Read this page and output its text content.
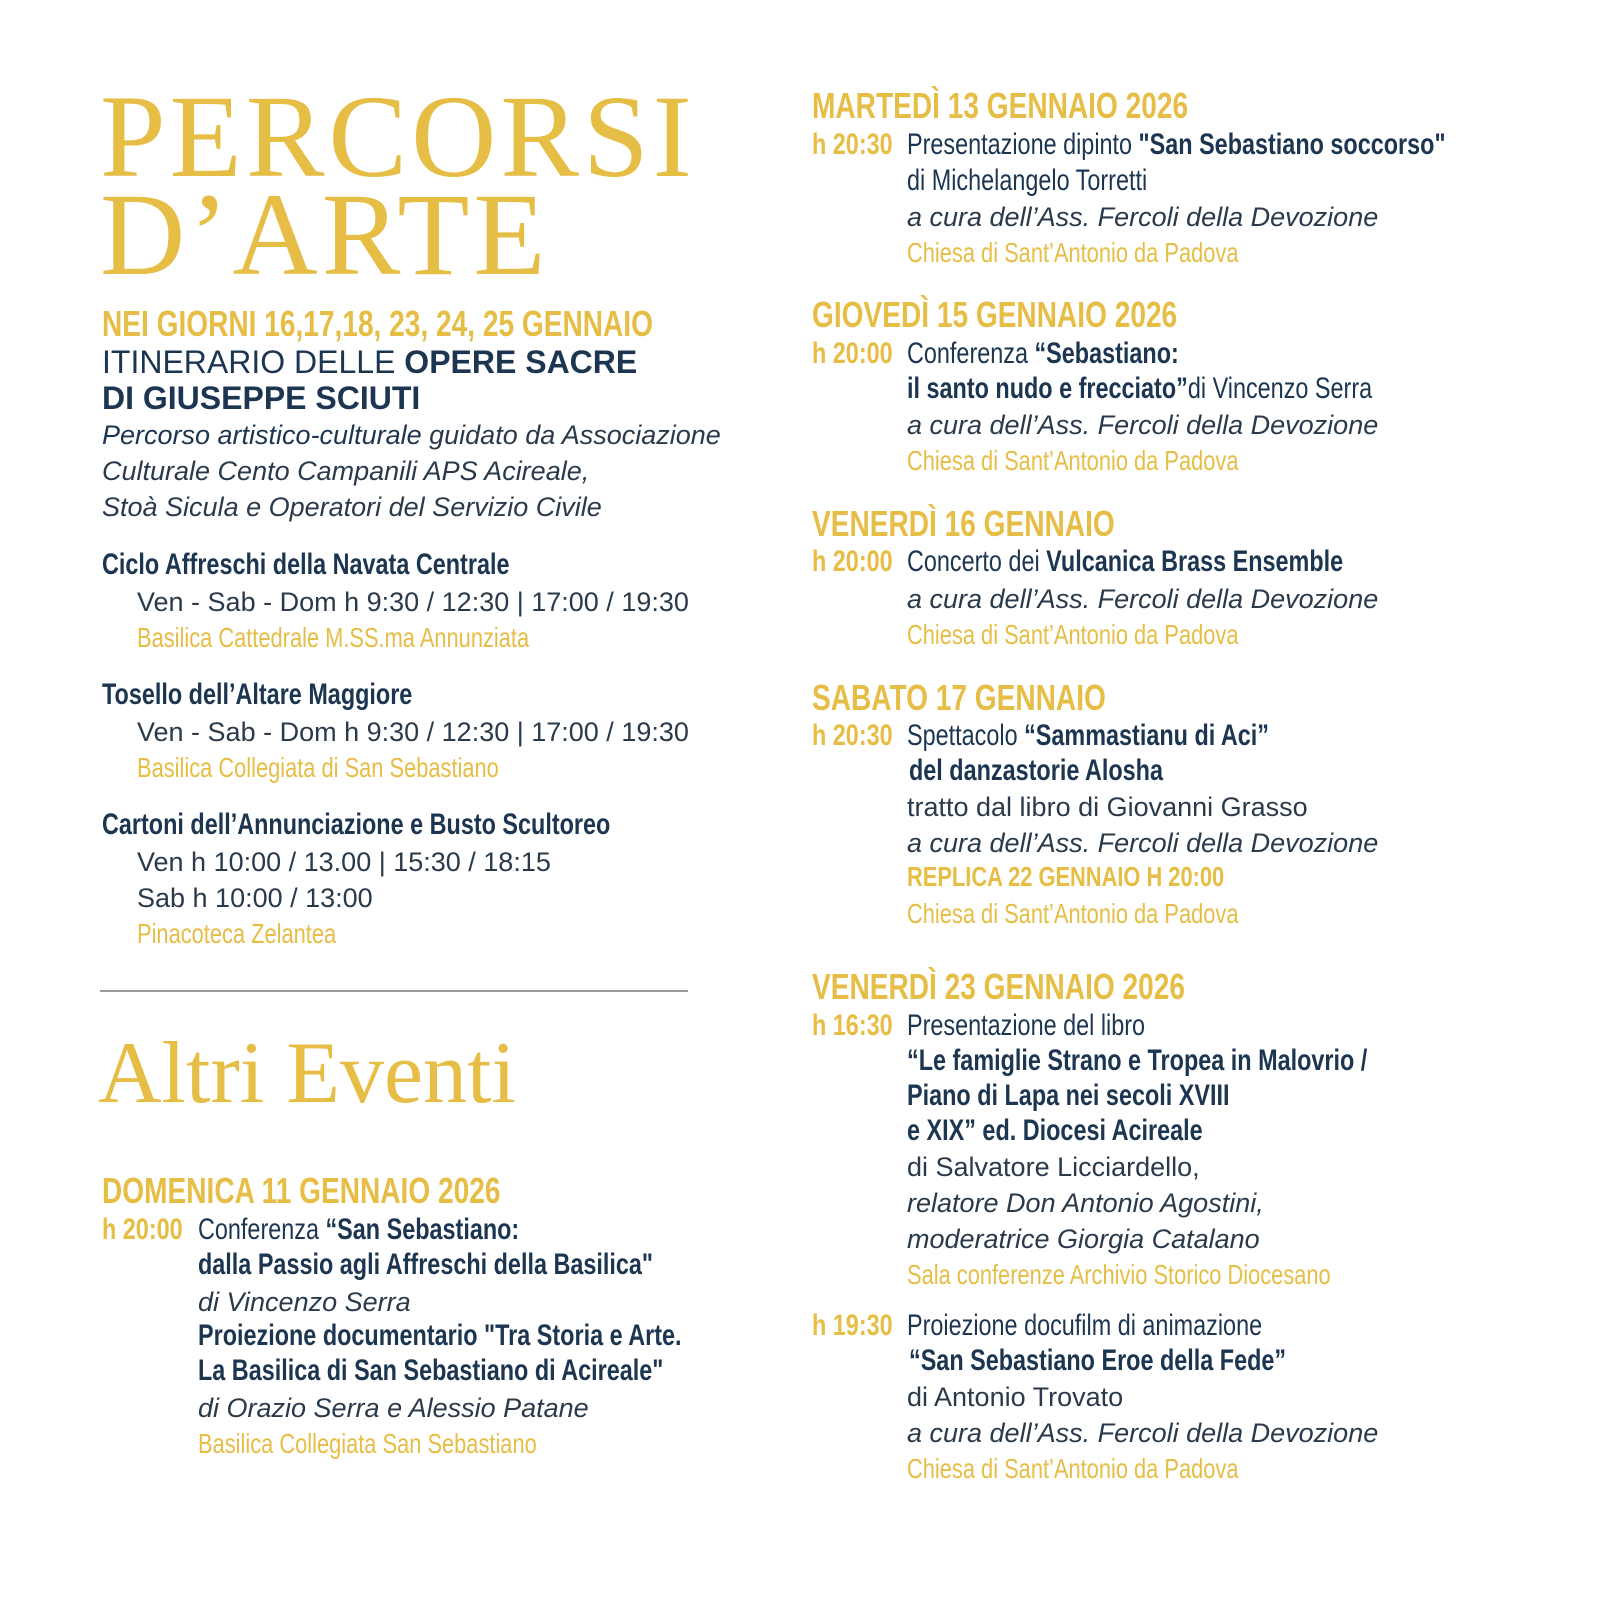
PERCORSI
D’ARTE
NEI GIORNI 16,17,18, 23, 24, 25 GENNAIO
ITINERARIO DELLE OPERE SACRE
DI GIUSEPPE SCIUTI
Percorso artistico-culturale guidato da Associazione
Culturale Cento Campanili APS Acireale,
Stoà Sicula e Operatori del Servizio Civile
Ciclo Affreschi della Navata Centrale
Ven - Sab - Dom h 9:30 / 12:30 | 17:00 / 19:30
Basilica Cattedrale M.SS.ma Annunziata
Tosello dell’Altare Maggiore
Ven - Sab - Dom h 9:30 / 12:30 | 17:00 / 19:30
Basilica Collegiata di San Sebastiano
Cartoni dell’Annunciazione e Busto Scultoreo
Ven h 10:00 / 13.00 | 15:30 / 18:15
Sab h 10:00 / 13:00
Pinacoteca Zelantea
Altri Eventi
DOMENICA 11 GENNAIO 2026
h 20:00 Conferenza “San Sebastiano:
dalla Passio agli Affreschi della Basilica"
di Vincenzo Serra
Proiezione documentario "Tra Storia e Arte.
La Basilica di San Sebastiano di Acireale"
di Orazio Serra e Alessio Patane
Basilica Collegiata San Sebastiano
MARTEDÌ 13 GENNAIO 2026
h 20:30 Presentazione dipinto "San Sebastiano soccorso"
di Michelangelo Torretti
a cura dell’Ass. Fercoli della Devozione
Chiesa di Sant’Antonio da Padova
GIOVEDÌ 15 GENNAIO 2026
h 20:00 Conferenza “Sebastiano:
il santo nudo e frecciato”di Vincenzo Serra
a cura dell’Ass. Fercoli della Devozione
Chiesa di Sant’Antonio da Padova
VENERDÌ 16 GENNAIO
h 20:00 Concerto dei Vulcanica Brass Ensemble
a cura dell’Ass. Fercoli della Devozione
Chiesa di Sant’Antonio da Padova
SABATO 17 GENNAIO
h 20:30 Spettacolo “Sammastianu di Aci”
del danzastorie Alosha
tratto dal libro di Giovanni Grasso
a cura dell’Ass. Fercoli della Devozione
REPLICA 22 GENNAIO H 20:00
Chiesa di Sant’Antonio da Padova
VENERDÌ 23 GENNAIO 2026
h 16:30 Presentazione del libro
“Le famiglie Strano e Tropea in Malovrio /
Piano di Lapa nei secoli XVIII
e XIX” ed. Diocesi Acireale
di Salvatore Licciardello,
relatore Don Antonio Agostini,
moderatrice Giorgia Catalano
Sala conferenze Archivio Storico Diocesano
h 19:30 Proiezione docufilm di animazione
“San Sebastiano Eroe della Fede”
di Antonio Trovato
a cura dell’Ass. Fercoli della Devozione
Chiesa di Sant’Antonio da Padova
